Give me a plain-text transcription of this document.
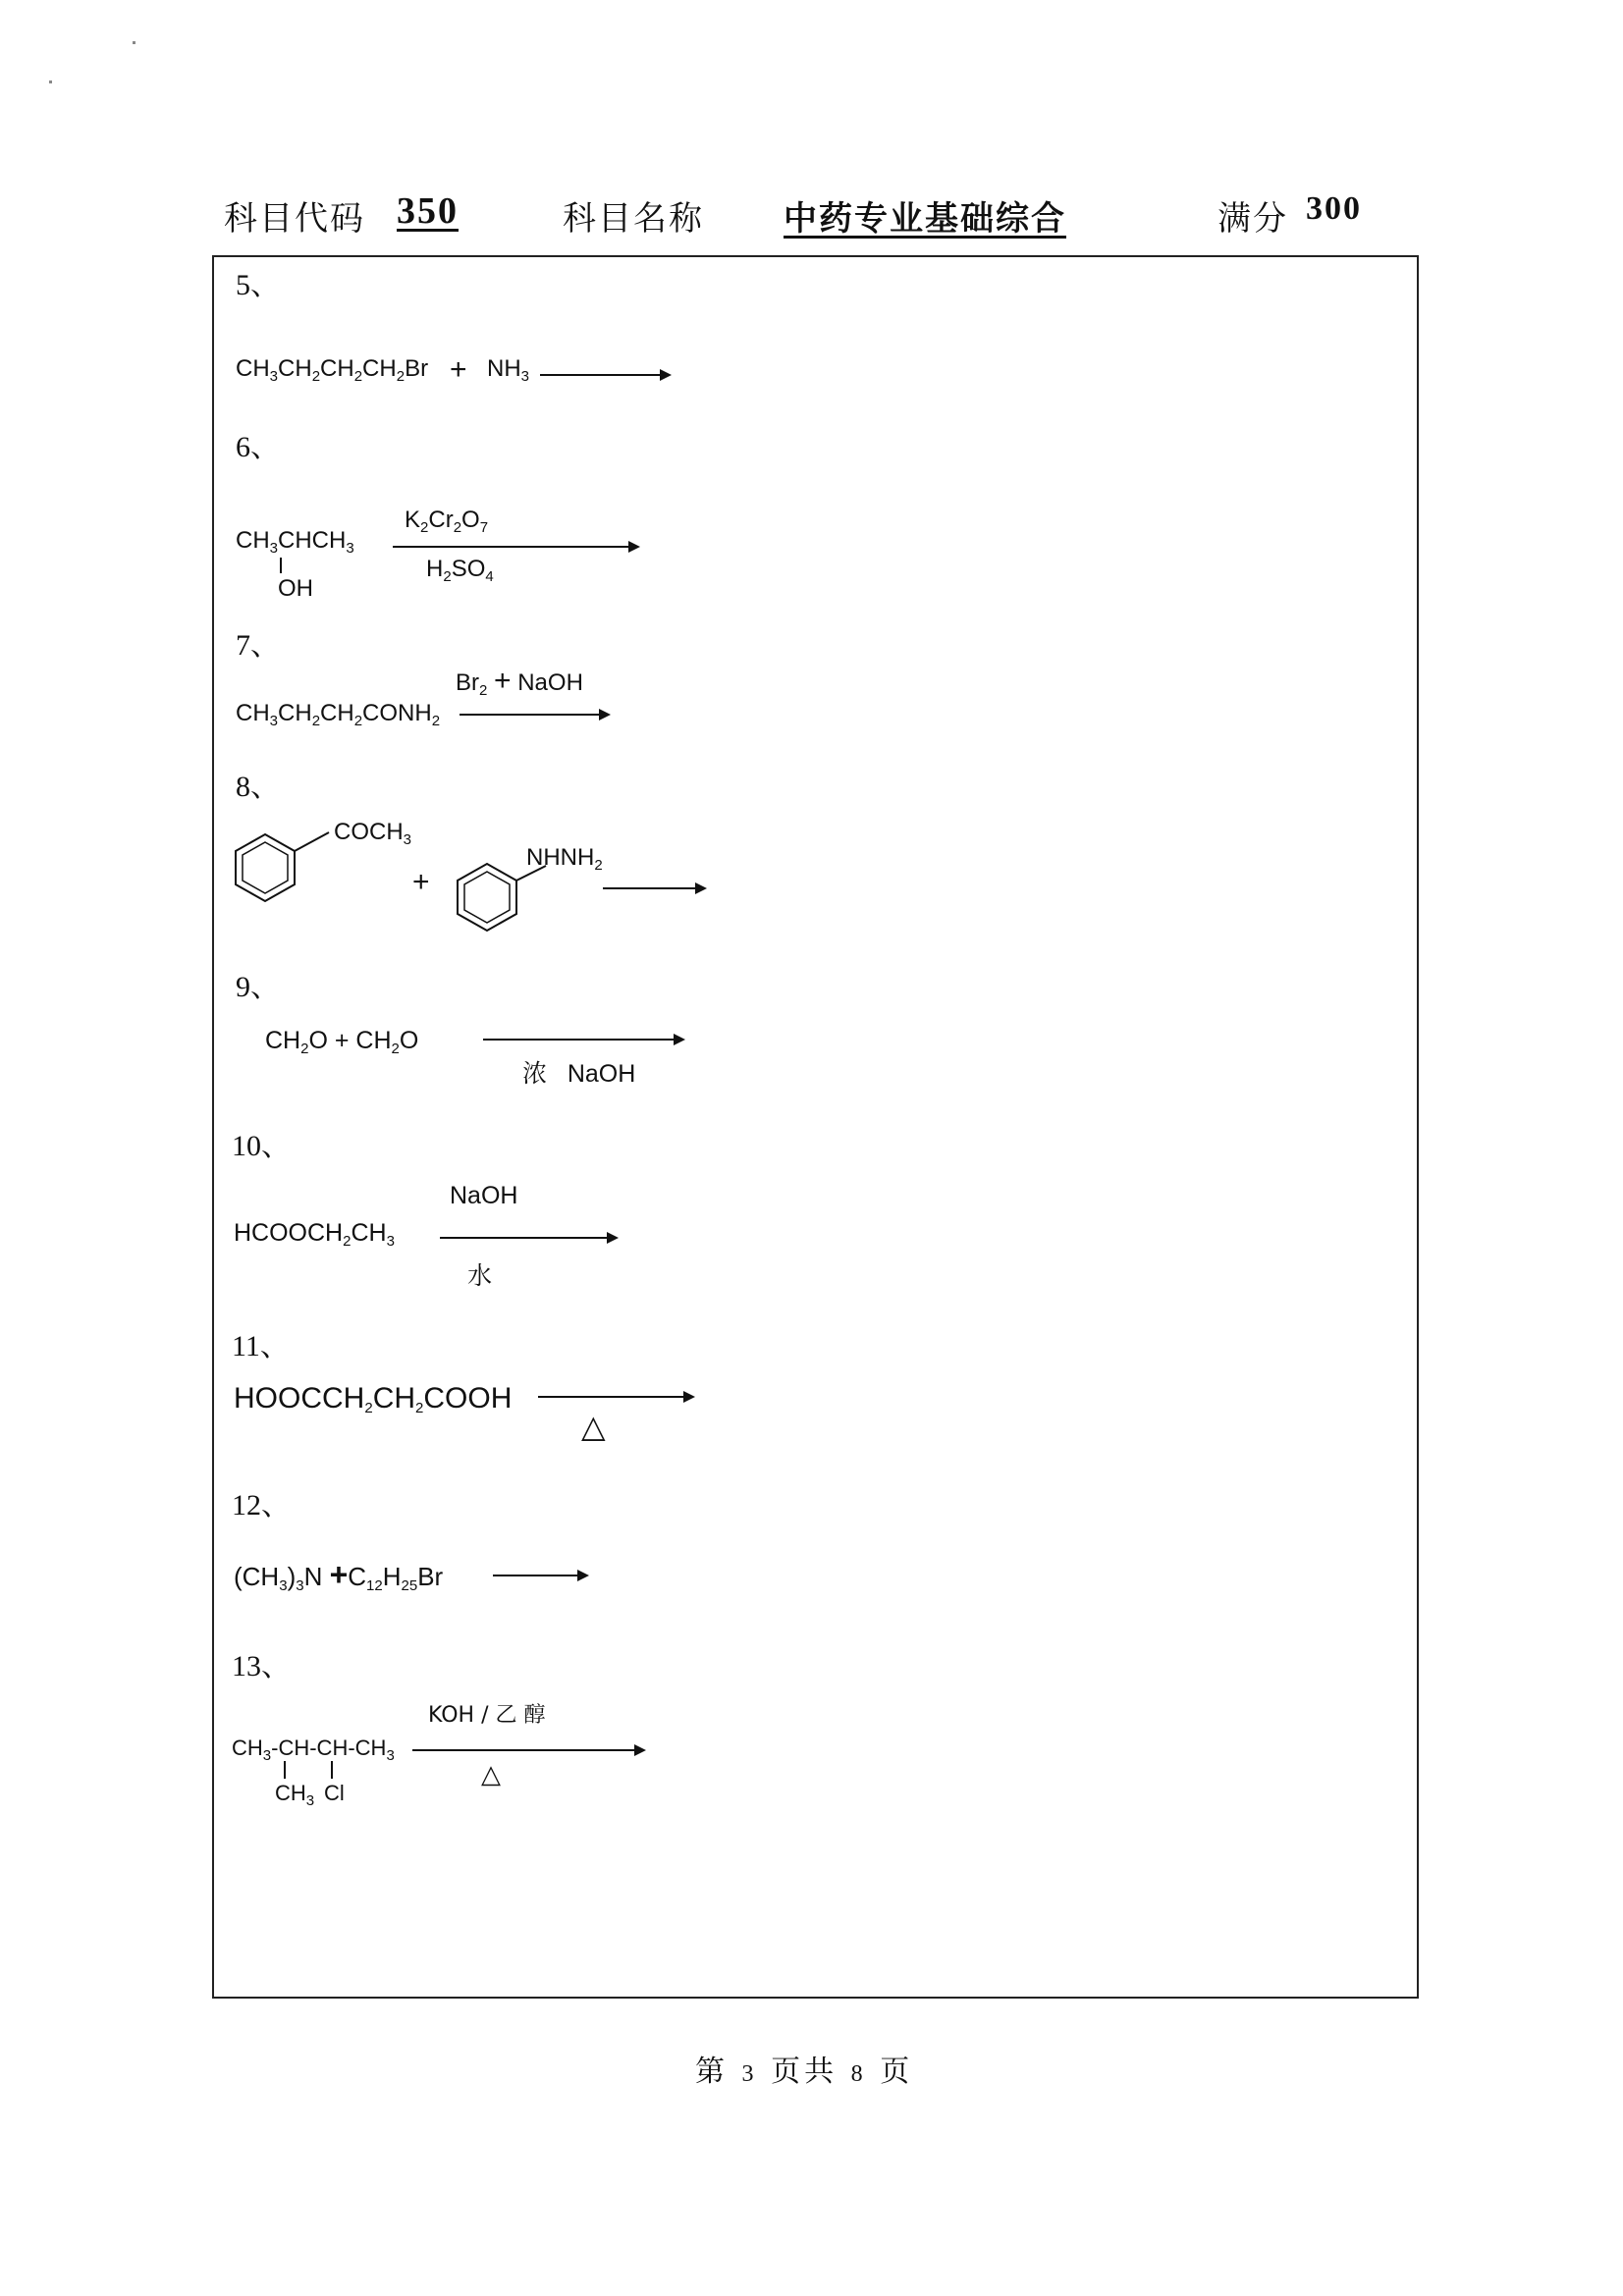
科目代码 350	科目名称 中药专业基础综合	满分 300
5、
$CH_3CH_2CH_2CH_2Br + NH_3$
6、
$CH_3CHCH_3$
OH
$K_2Cr_2O_7$
$H_2SO_4$
7、
$Br_2$ + NaOH
$CH_3CH_2CH_2CONH_2$
8、
$COCH_3$
+
$NHNH_2$
9、
$CH_2O + CH_2O$
浓   NaOH
10、
NaOH
$HCOOCH_2CH_3$
水
11、
$HOOCCH_2CH_2COOH$
△
12、
$(CH_3)_3N +C_{12}H_{25}Br$
13、
KOH / 乙 醇
$CH_3-CH-CH-CH_3$
$CH_3$ Cl
△
第 3 页共 8 页
